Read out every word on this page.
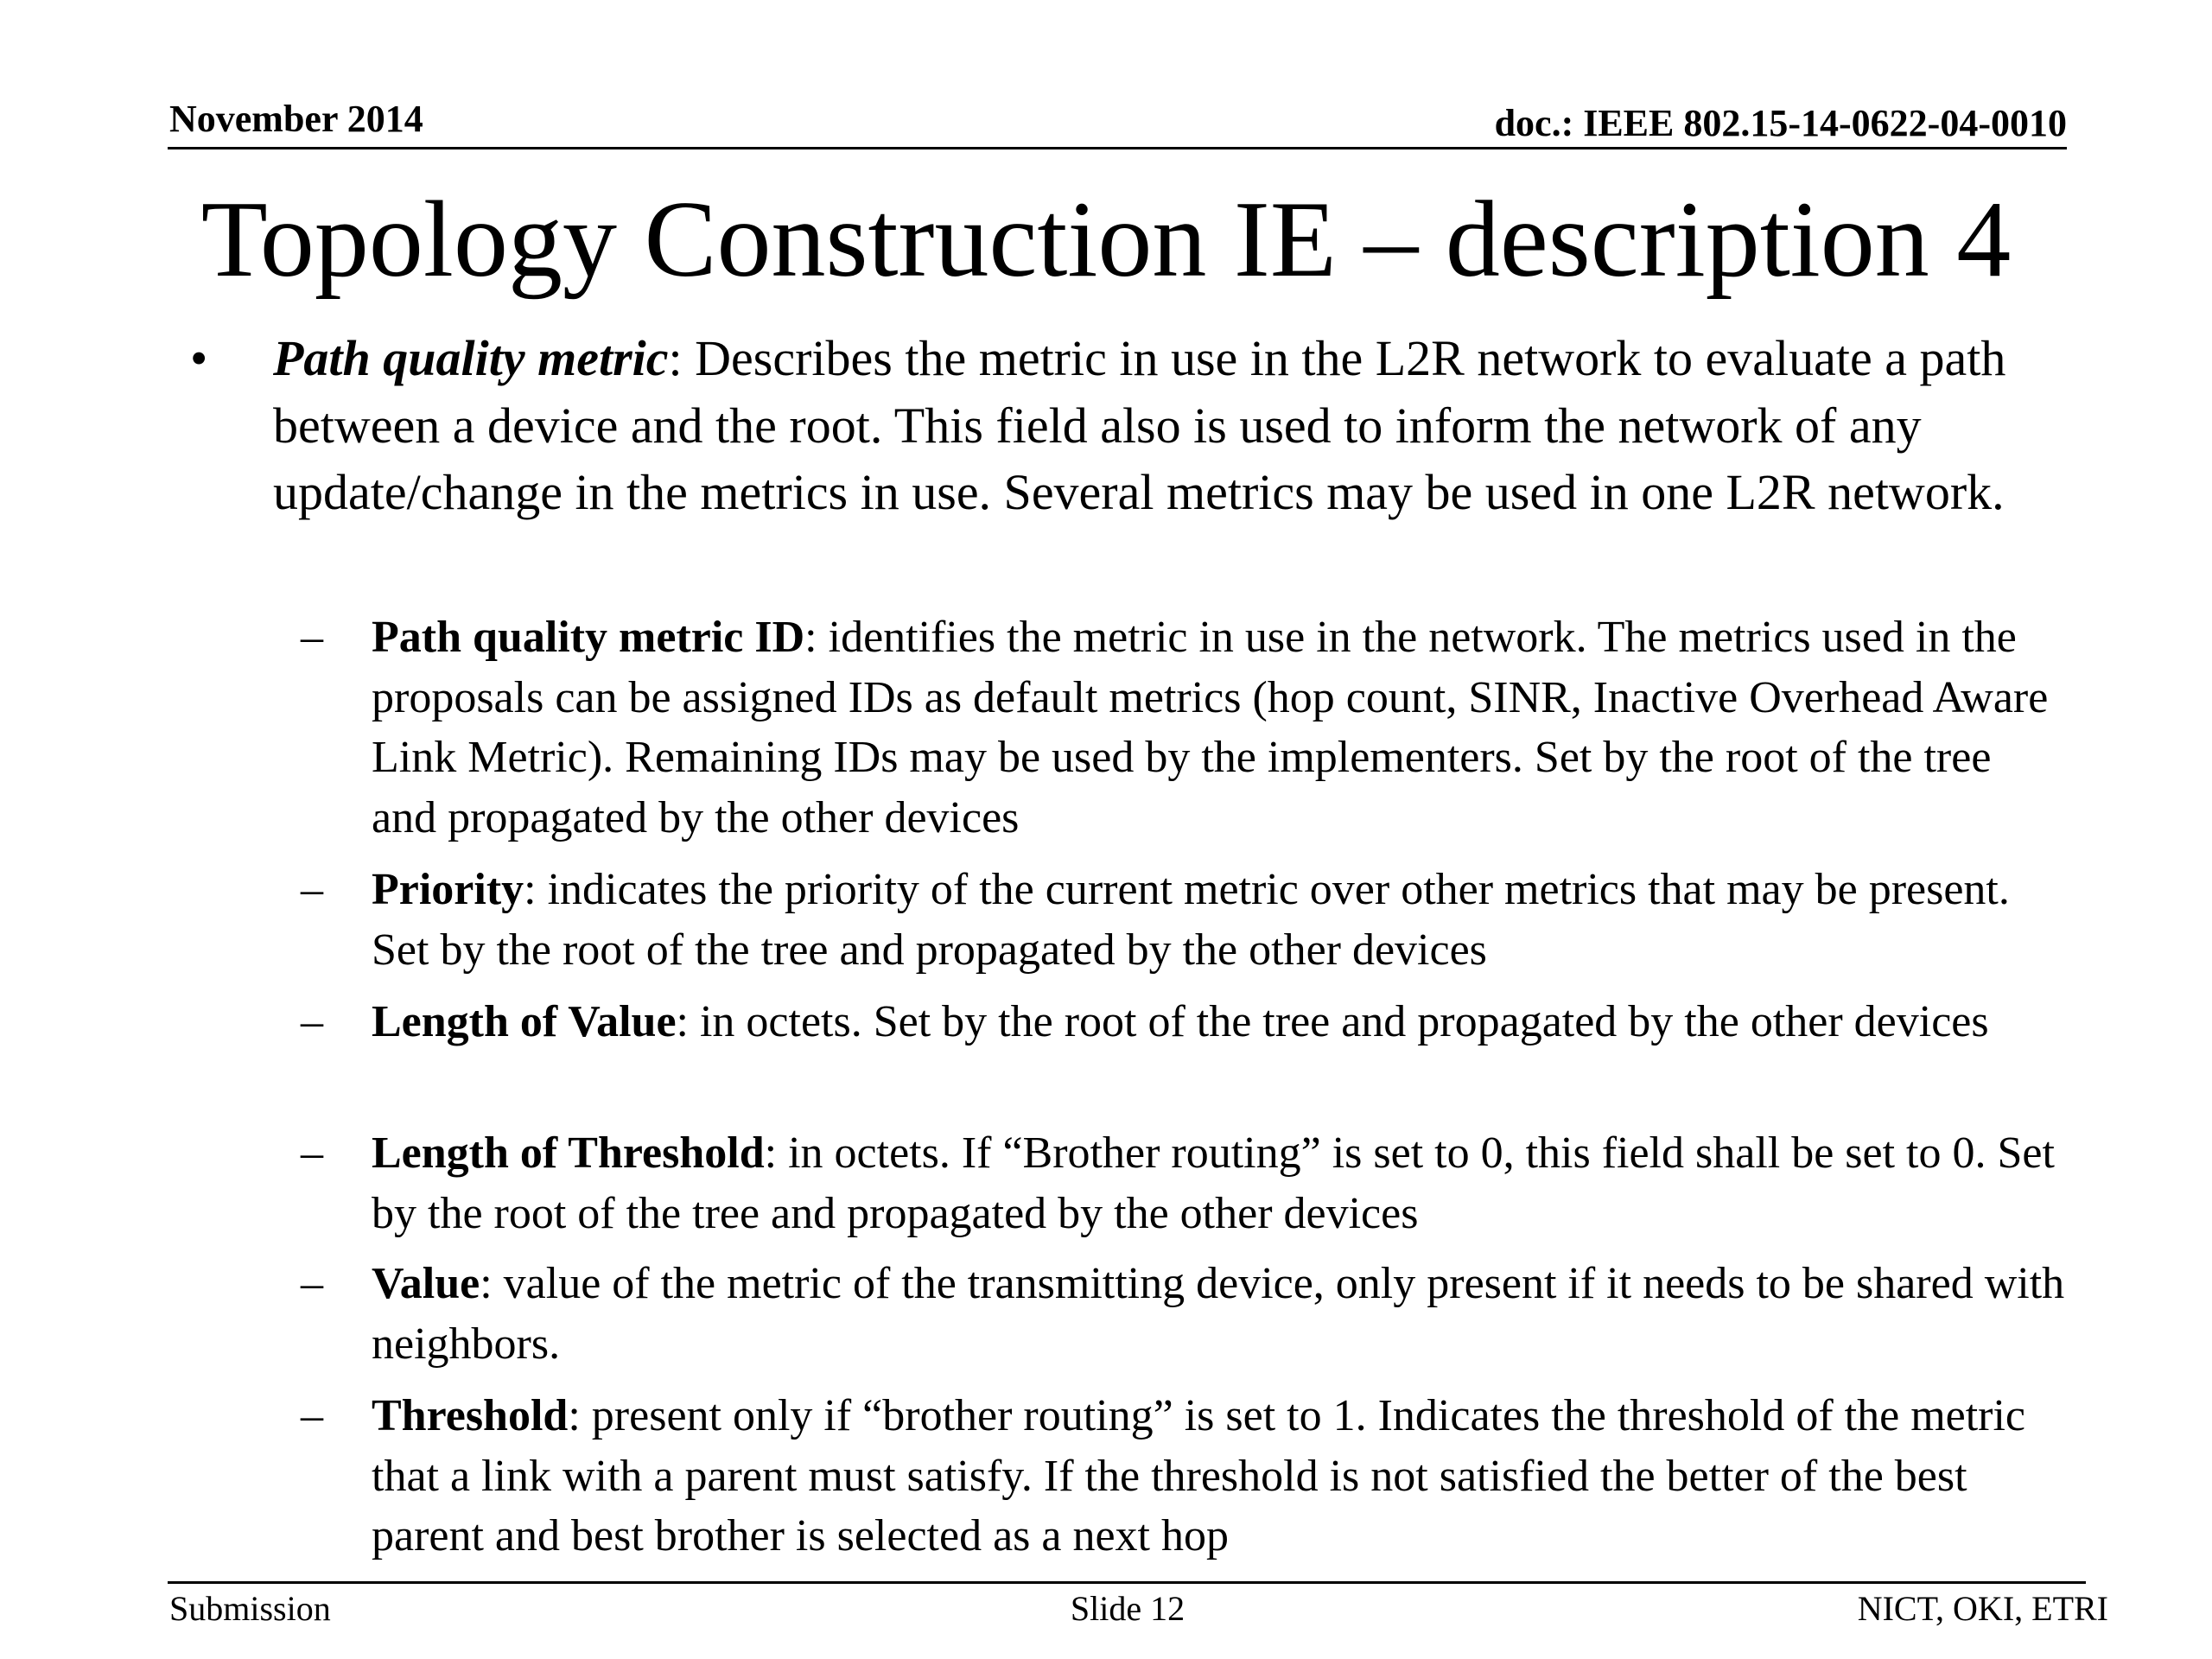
November 2014	doc.: IEEE 802.15-14-0622-04-0010
Topology Construction IE – description 4
• Path quality metric: Describes the metric in use in the L2R network to evaluate a path between a device and the root. This field also is used to inform the network of any update/change in the metrics in use. Several metrics may be used in one L2R network.
– Path quality metric ID: identifies the metric in use in the network. The metrics used in the proposals can be assigned IDs as default metrics (hop count, SINR, Inactive Overhead Aware Link Metric). Remaining IDs may be used by the implementers. Set by the root of the tree and propagated by the other devices
– Priority: indicates the priority of the current metric over other metrics that may be present. Set by the root of the tree and propagated by the other devices
– Length of Value: in octets. Set by the root of the tree and propagated by the other devices
– Length of Threshold: in octets. If “Brother routing” is set to 0, this field shall be set to 0. Set by the root of the tree and propagated by the other devices
– Value: value of the metric of the transmitting device, only present if it needs to be shared with neighbors.
– Threshold: present only if “brother routing” is set to 1. Indicates the threshold of the metric that a link with a parent must satisfy. If the threshold is not satisfied the better of the best parent and best brother is selected as a next hop
Submission	Slide 12	NICT, OKI, ETRI
